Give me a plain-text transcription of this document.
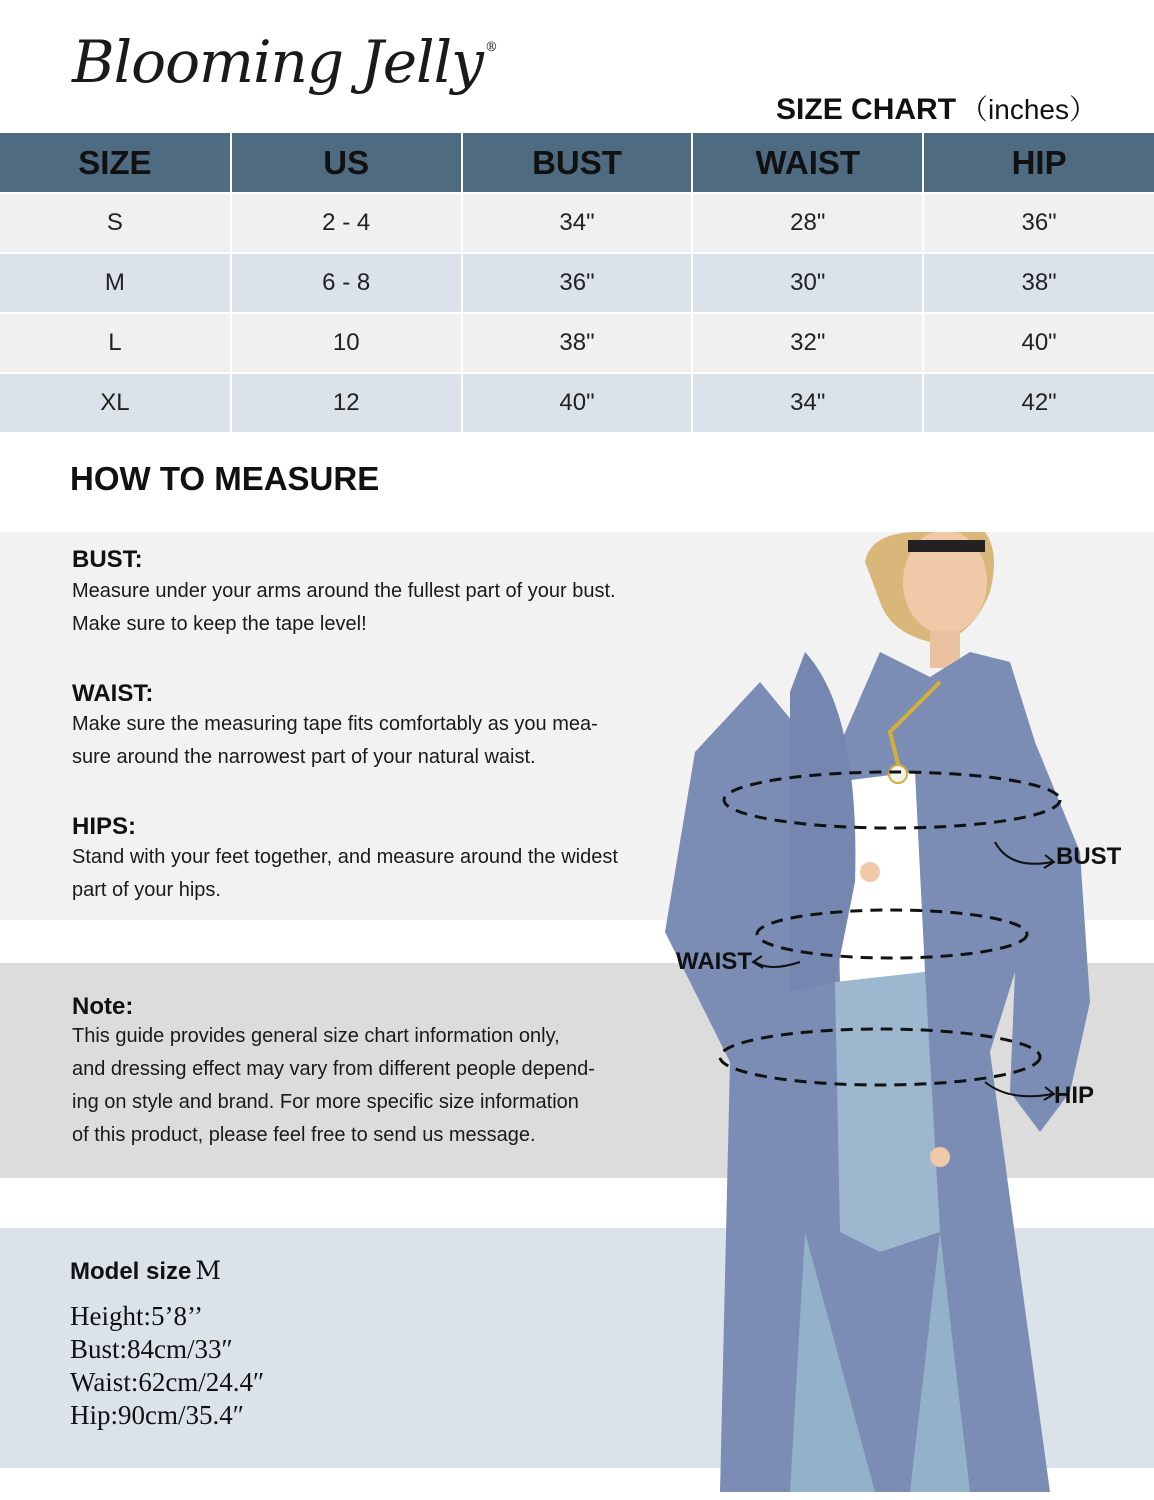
Blooming Jelly ®
SIZE CHART （inches）
SIZE	US	BUST	WAIST	HIP
S	2 - 4	34"	28"	36"
M	6 - 8	36"	30"	38"
L	10	38"	32"	40"
XL	12	40"	34"	42"
HOW TO MEASURE
BUST:
Measure under your arms around the fullest part of your bust.
Make sure to keep the tape level!
WAIST:
Make sure the measuring tape fits comfortably as you mea-
sure around the narrowest part of your natural waist.
HIPS:
Stand with your feet together, and measure around the widest
part of your hips.
Note:
This guide provides general size chart information only,
and dressing effect may vary from different people depend-
ing on style and brand. For more specific size information
of this product, please feel free to send us message.
Model size M
Height:5’8’’
Bust:84cm/33″
Waist:62cm/24.4″
Hip:90cm/35.4″
BUST
WAIST
HIP
